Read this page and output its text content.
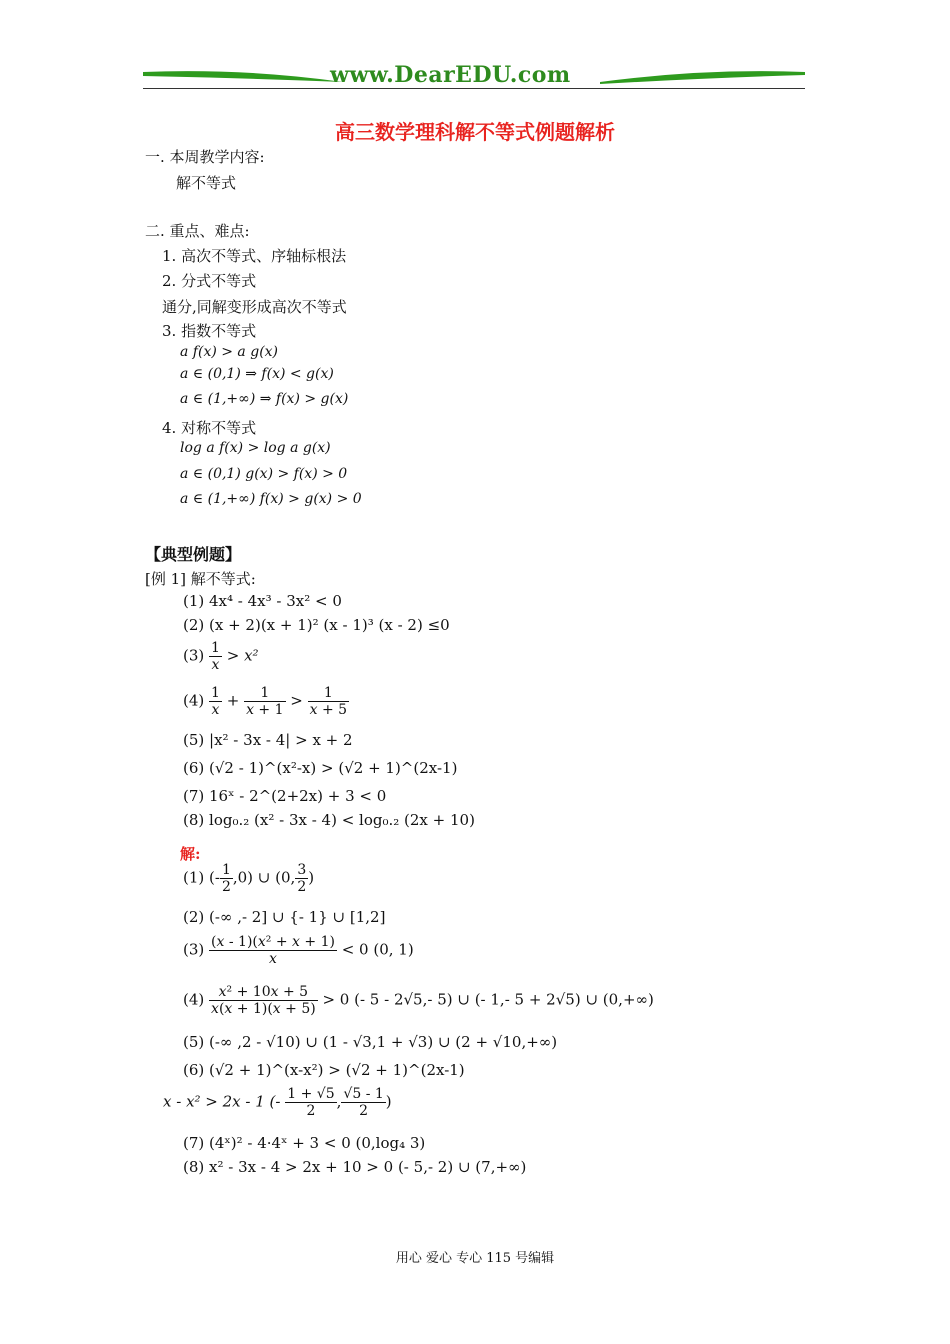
www.DearEDU.com
高三数学理科解不等式例题解析
一. 本周教学内容:
解不等式
二. 重点、难点:
1. 高次不等式、序轴标根法
2. 分式不等式
通分,同解变形成高次不等式
3. 指数不等式
a f(x) > a g(x)
a ∈ (0,1) ⇒ f(x) < g(x)
a ∈ (1,+∞) ⇒ f(x) > g(x)
4. 对称不等式
log a f(x) > log a g(x)
a ∈ (0,1) g(x) > f(x) > 0
a ∈ (1,+∞) f(x) > g(x) > 0
【典型例题】
[例 1] 解不等式:
(1) 4x⁴ - 4x³ - 3x² < 0
(2) (x + 2)(x + 1)² (x - 1)³ (x - 2) ≤0
$(3) \frac{1}{x} > x^2$
$(4) \frac{1}{x} + \frac{1}{x + 1} > \frac{1}{x + 5}$
(5) |x² - 3x - 4| > x + 2
(6) (√2 - 1)^(x²-x) > (√2 + 1)^(2x-1)
(7) 16ˣ - 2^(2+2x) + 3 < 0
(8) log₀.₂ (x² - 3x - 4) < log₀.₂ (2x + 10)
解:
(1) (- $\frac{1}{2} ,0$) ∪ (0, $\frac{3}{2}$ )
(2) (-∞ ,- 2] ∪ {- 1} ∪ [1,2]
$(3) \frac{\text{(x - 1)(x² + x + 1)}}{x} < 0$ (0, 1)
$(4) \frac{\text{x² + 10x + 5}}{x(x + 1)(x + 5)} > 0$ (- 5 - 2√5,- 5) ∪ (- 1,- 5 + 2√5) ∪ (0,+∞)
(5) (-∞ ,2 - √10) ∪ (1 - √3,1 + √3) ∪ (2 + √10,+∞)
(6) (√2 + 1)^(x-x²) > (√2 + 1)^(2x-1)
x - x² > 2x - 1 (- $\frac{1 + √5}{2}$ , $\frac{√5 - 1}{2}$ )
(7) (4ˣ)² - 4·4ˣ + 3 < 0 (0,log₄ 3)
(8) x² - 3x - 4 > 2x + 10 > 0 (- 5,- 2) ∪ (7,+∞)
用心 爱心 专心 115 号编辑
